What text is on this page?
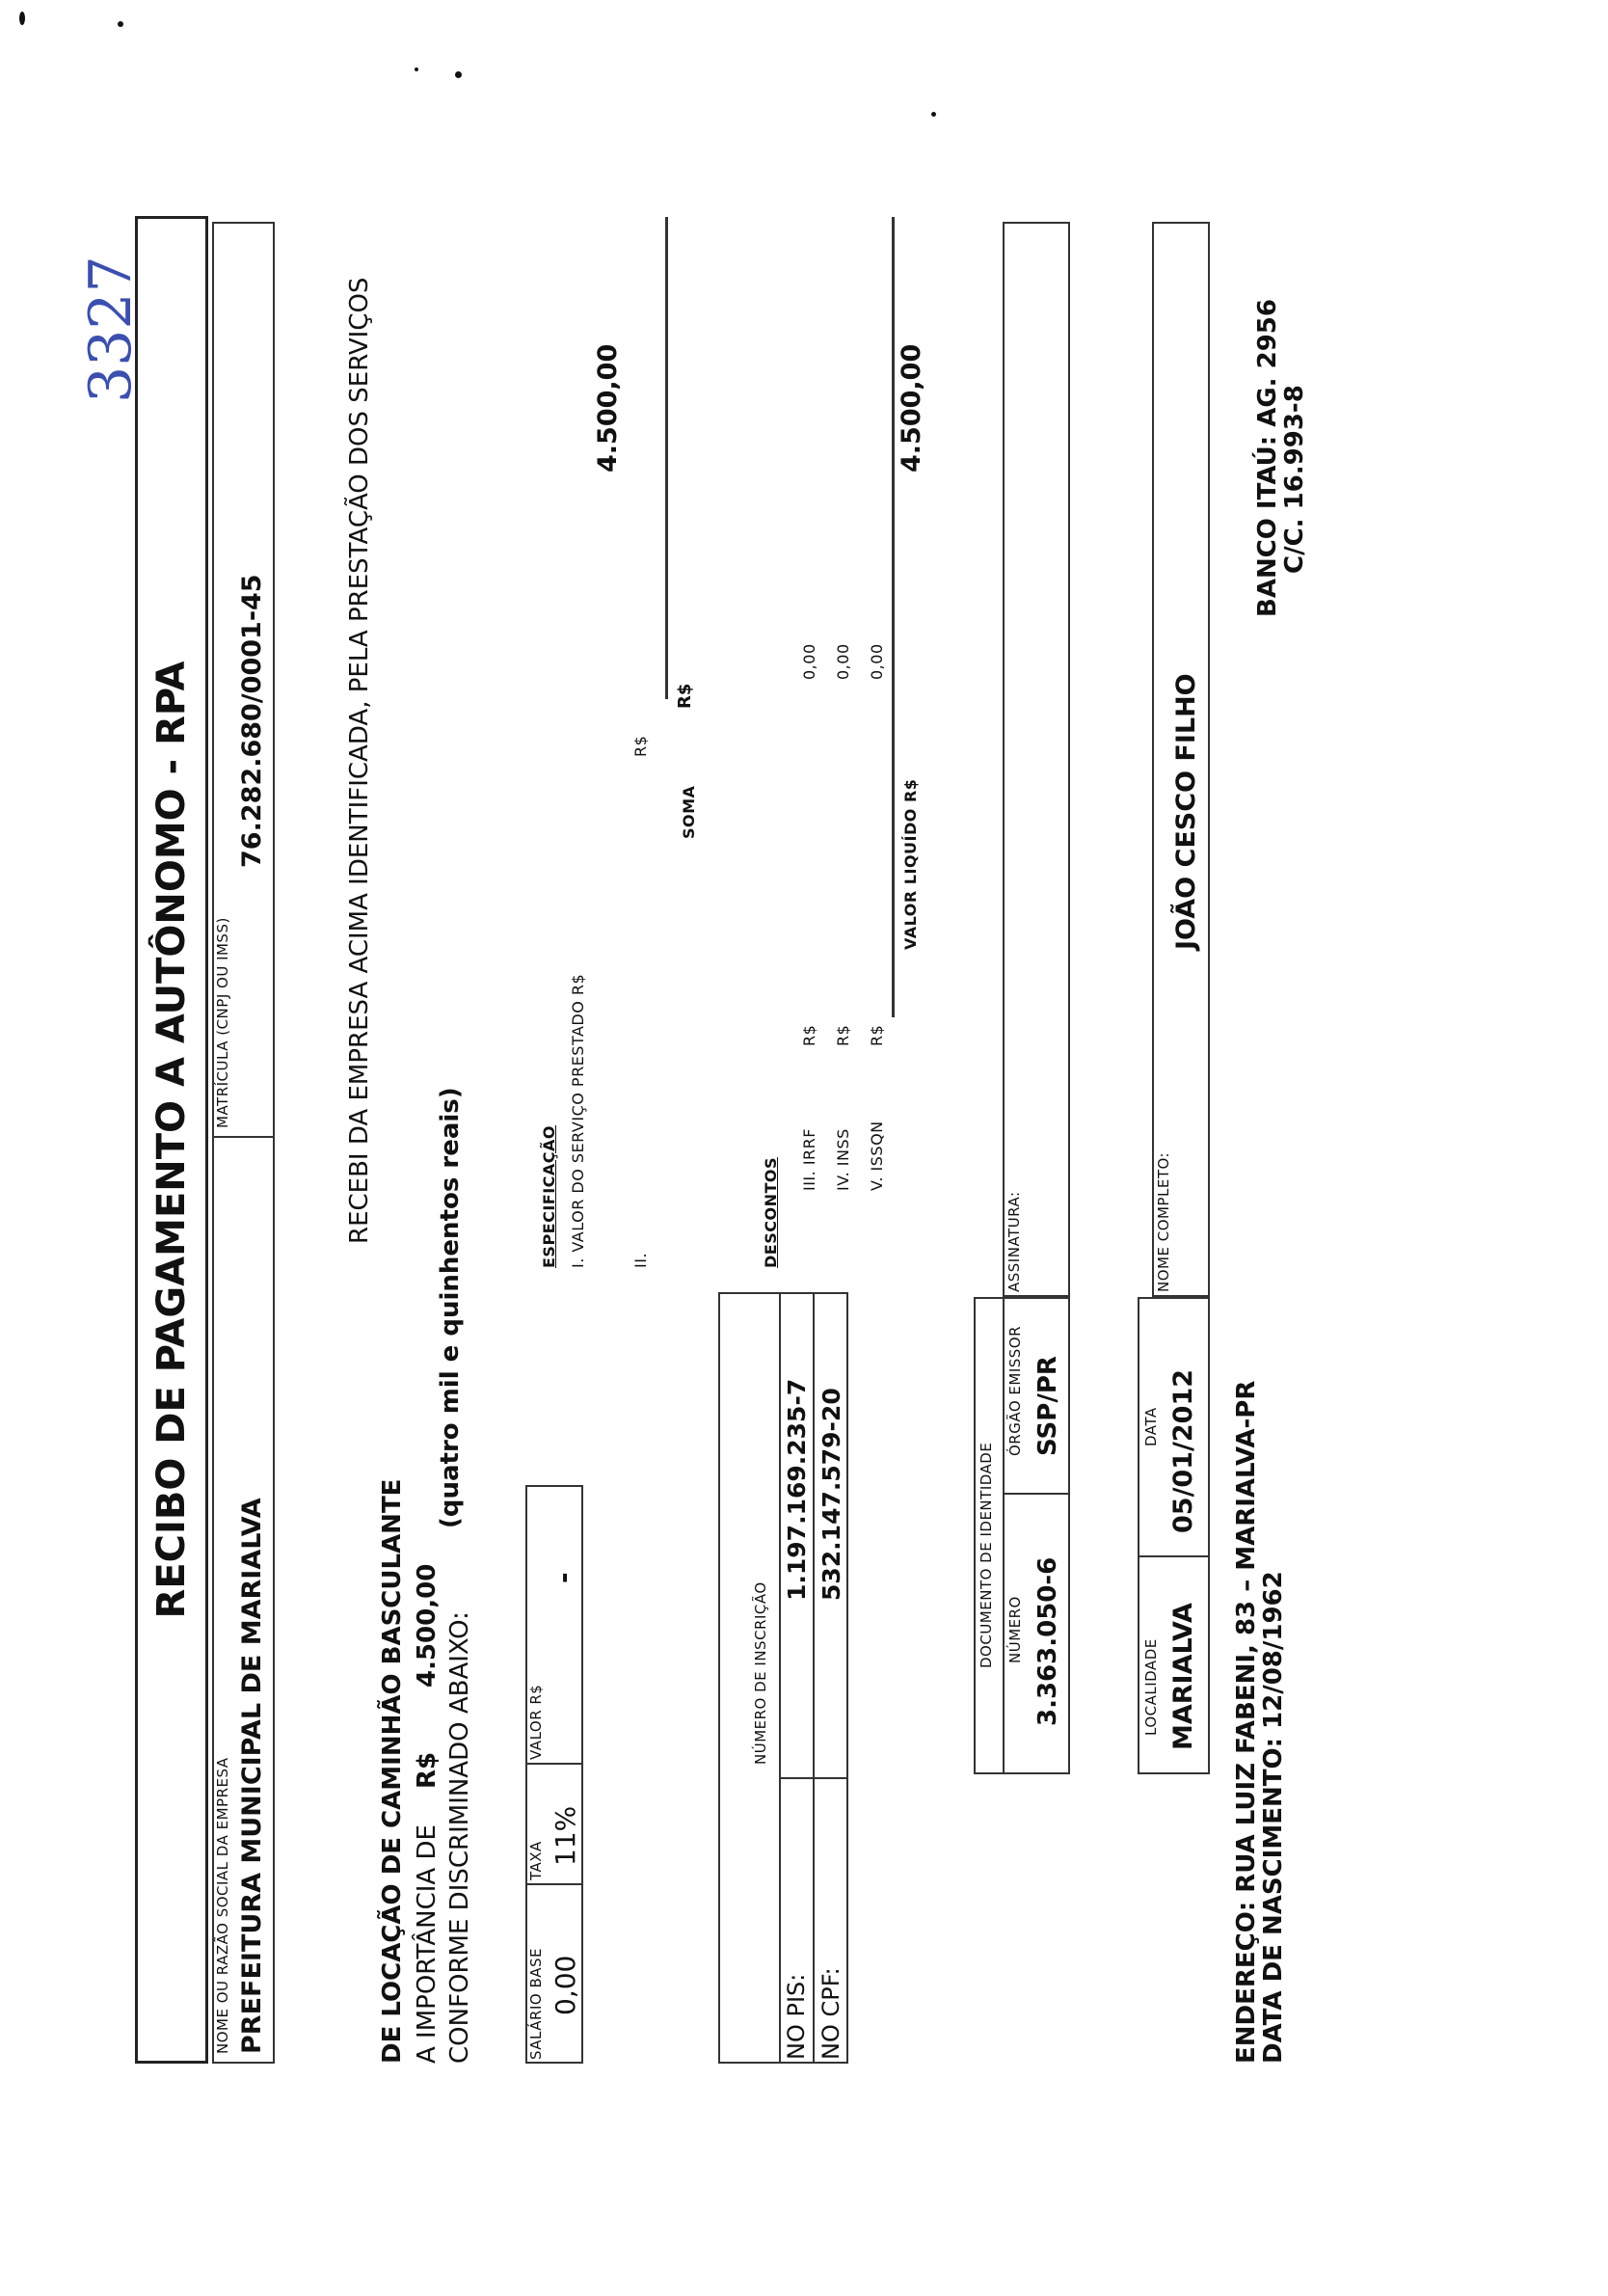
3327
RECIBO DE PAGAMENTO A AUTÔNOMO - RPA
NOME OU RAZÃO SOCIAL DA EMPRESA PREFEITURA MUNICIPAL DE MARIALVA
MATRÍCULA (CNPJ OU IMSS)
76.282.680/0001-45	RECEBI DA EMPRESA ACIMA IDENTIFICADA, PELA PRESTAÇÃO DOS SERVIÇOS
DE LOCAÇÃO DE CAMINHÃO BASCULANTE A IMPORTÂNCIA DE
R$
4.500,00
(quatro mil e quinhentos reais)
CONFORME DISCRIMINADO ABAIXO:	SALÁRIO BASE 0,00
TAXA 11%
VALOR R$
-
ESPECIFICAÇÃO I. VALOR DO SERVIÇO PRESTADO R$
4.500,00
II.
R$
SOMA
R$
NÚMERO DE INSCRIÇÃO
NO PIS:
1.197.169.235-7
NO CPF:
532.147.579-20
DESCONTOS III. IRRF
R$
0,00
IV. INSS
R$
0,00
V. ISSQN
R$
0,00
VALOR LIQUÍDO R$
4.500,00
DOCUMENTO DE IDENTIDADE NÚMERO 3.363.050-6
ÓRGÃO EMISSOR SSP/PR
ASSINATURA:
LOCALIDADE MARIALVA
DATA 05/01/2012
NOME COMPLETO:
JOÃO CESCO FILHO
ENDEREÇO: RUA LUIZ FABENI, 83 – MARIALVA-PR
DATA DE NASCIMENTO: 12/08/1962
BANCO ITAÚ: AG. 2956
C/C. 16.993-8
